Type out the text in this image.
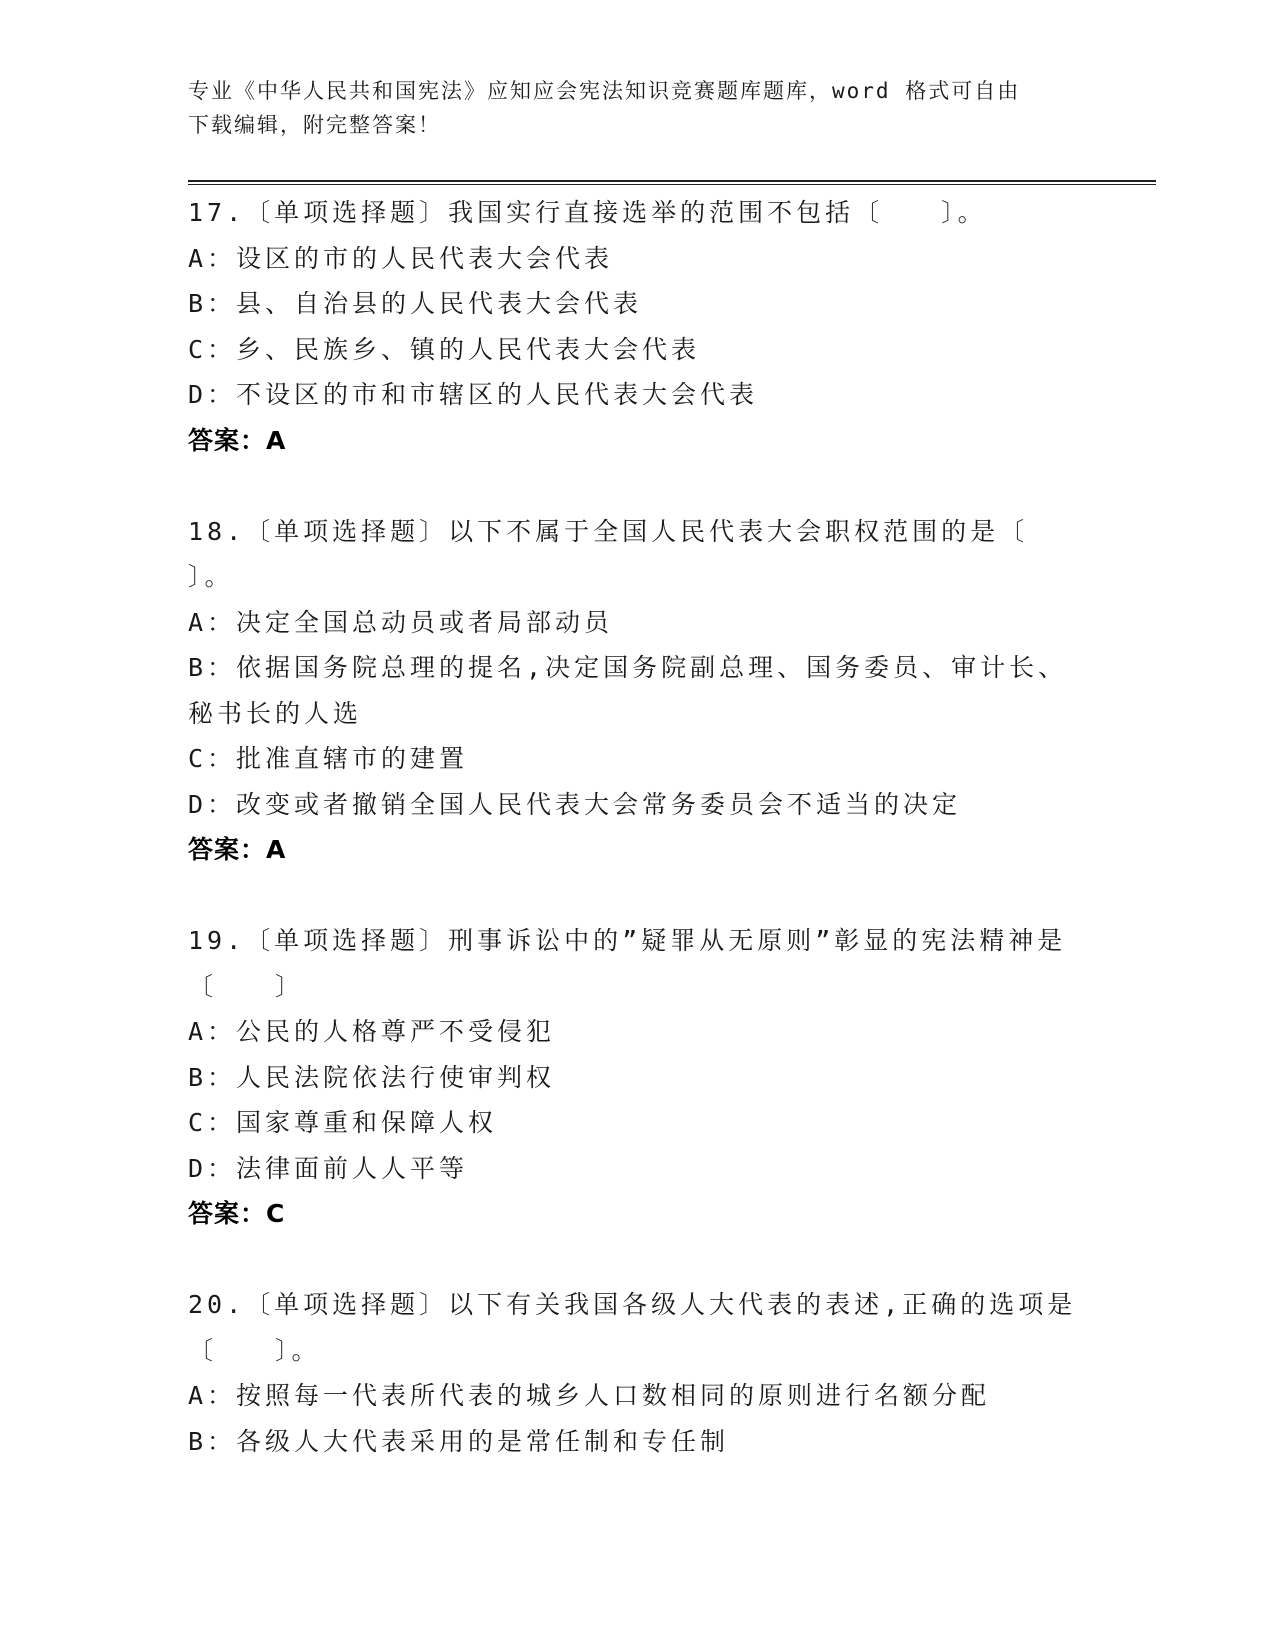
专业《中华人民共和国宪法》应知应会宪法知识竞赛题库题库，word 格式可自由
下载编辑，附完整答案！
17.〔单项选择题〕我国实行直接选举的范围不包括〔　　〕。
A：设区的市的人民代表大会代表
B：县、自治县的人民代表大会代表
C：乡、民族乡、镇的人民代表大会代表
D：不设区的市和市辖区的人民代表大会代表
答案：A
18.〔单项选择题〕以下不属于全国人民代表大会职权范围的是〔
〕。
A：决定全国总动员或者局部动员
B：依据国务院总理的提名,决定国务院副总理、国务委员、审计长、
秘书长的人选
C：批准直辖市的建置
D：改变或者撤销全国人民代表大会常务委员会不适当的决定
答案：A
19.〔单项选择题〕刑事诉讼中的”疑罪从无原则”彰显的宪法精神是
〔　　〕
A：公民的人格尊严不受侵犯
B：人民法院依法行使审判权
C：国家尊重和保障人权
D：法律面前人人平等
答案：C
20.〔单项选择题〕以下有关我国各级人大代表的表述,正确的选项是
〔　　〕。
A：按照每一代表所代表的城乡人口数相同的原则进行名额分配
B：各级人大代表采用的是常任制和专任制
